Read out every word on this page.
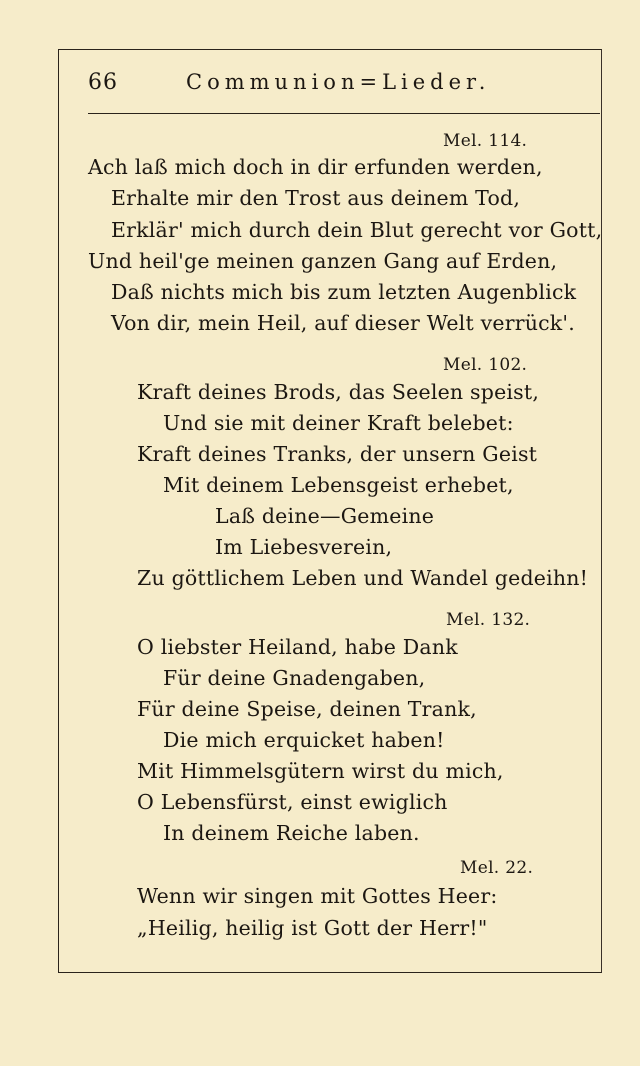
66	Communion=Lieder.
Mel. 114.
Ach laß mich doch in dir erfunden werden,
Erhalte mir den Trost aus deinem Tod,
Erklär' mich durch dein Blut gerecht vor Gott,
Und heil'ge meinen ganzen Gang auf Erden,
Daß nichts mich bis zum letzten Augenblick
Von dir, mein Heil, auf dieser Welt verrück'.
Mel. 102.
Kraft deines Brods, das Seelen speist,
Und sie mit deiner Kraft belebet:
Kraft deines Tranks, der unsern Geist
Mit deinem Lebensgeist erhebet,
Laß deine—Gemeine
Im Liebesverein,
Zu göttlichem Leben und Wandel gedeihn!
Mel. 132.
O liebster Heiland, habe Dank
Für deine Gnadengaben,
Für deine Speise, deinen Trank,
Die mich erquicket haben!
Mit Himmelsgütern wirst du mich,
O Lebensfürst, einst ewiglich
In deinem Reiche laben.
Mel. 22.
Wenn wir singen mit Gottes Heer:
„Heilig, heilig ist Gott der Herr!"
